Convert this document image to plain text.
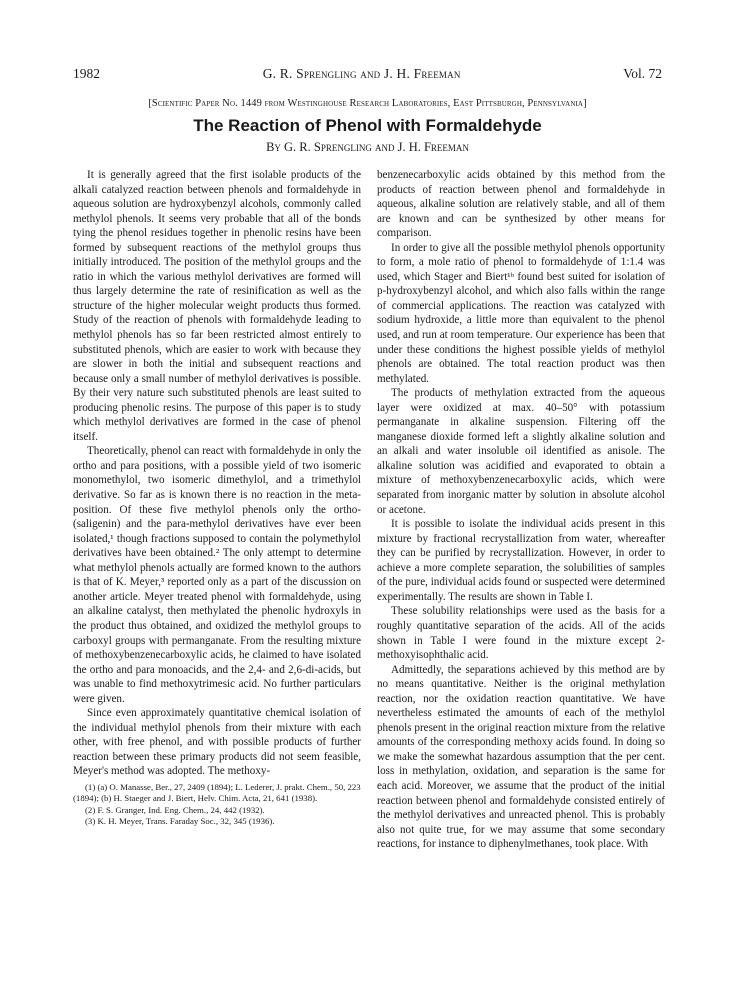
1982	G. R. Sprengling and J. H. Freeman	Vol. 72
[Scientific Paper No. 1449 from Westinghouse Research Laboratories, East Pittsburgh, Pennsylvania]
The Reaction of Phenol with Formaldehyde
By G. R. Sprengling and J. H. Freeman

It is generally agreed that the first isolable products of the alkali catalyzed reaction between phenols and formaldehyde in aqueous solution are hydroxybenzyl alcohols, commonly called methylol phenols. It seems very probable that all of the bonds tying the phenol residues together in phenolic resins have been formed by subsequent reactions of the methylol groups thus initially introduced. The position of the methylol groups and the ratio in which the various methylol derivatives are formed will thus largely determine the rate of resinification as well as the structure of the higher molecular weight products thus formed. Study of the reaction of phenols with formaldehyde leading to methylol phenols has so far been restricted almost entirely to substituted phenols, which are easier to work with because they are slower in both the initial and subsequent reactions and because only a small number of methylol derivatives is possible. By their very nature such substituted phenols are least suited to producing phenolic resins. The purpose of this paper is to study which methylol derivatives are formed in the case of phenol itself.

Theoretically, phenol can react with formaldehyde in only the ortho and para positions, with a possible yield of two isomeric monomethylol, two isomeric dimethylol, and a trimethylol derivative. So far as is known there is no reaction in the meta-position. Of these five methylol phenols only the ortho- (saligenin) and the para-methylol derivatives have ever been isolated,¹ though fractions supposed to contain the polymethylol derivatives have been obtained.² The only attempt to determine what methylol phenols actually are formed known to the authors is that of K. Meyer,³ reported only as a part of the discussion on another article. Meyer treated phenol with formaldehyde, using an alkaline catalyst, then methylated the phenolic hydroxyls in the product thus obtained, and oxidized the methylol groups to carboxyl groups with permanganate. From the resulting mixture of methoxybenzenecarboxylic acids, he claimed to have isolated the ortho and para monoacids, and the 2,4- and 2,6-di-acids, but was unable to find methoxytrimesic acid. No further particulars were given.

Since even approximately quantitative chemical isolation of the individual methylol phenols from their mixture with each other, with free phenol, and with possible products of further reaction between these primary products did not seem feasible, Meyer's method was adopted. The methoxy-

(1) (a) O. Manasse, Ber., 27, 2409 (1894); L. Lederer, J. prakt. Chem., 50, 223 (1894); (b) H. Staeger and J. Biert, Helv. Chim. Acta, 21, 641 (1938).

(2) F. S. Granger, Ind. Eng. Chem., 24, 442 (1932).

(3) K. H. Meyer, Trans. Faraday Soc., 32, 345 (1936).

benzenecarboxylic acids obtained by this method from the products of reaction between phenol and formaldehyde in aqueous, alkaline solution are relatively stable, and all of them are known and can be synthesized by other means for comparison.

In order to give all the possible methylol phenols opportunity to form, a mole ratio of phenol to formaldehyde of 1:1.4 was used, which Stager and Biert¹ᵇ found best suited for isolation of p-hydroxybenzyl alcohol, and which also falls within the range of commercial applications. The reaction was catalyzed with sodium hydroxide, a little more than equivalent to the phenol used, and run at room temperature. Our experience has been that under these conditions the highest possible yields of methylol phenols are obtained. The total reaction product was then methylated.

The products of methylation extracted from the aqueous layer were oxidized at max. 40–50° with potassium permanganate in alkaline suspension. Filtering off the manganese dioxide formed left a slightly alkaline solution and an alkali and water insoluble oil identified as anisole. The alkaline solution was acidified and evaporated to obtain a mixture of methoxybenzenecarboxylic acids, which were separated from inorganic matter by solution in absolute alcohol or acetone.

It is possible to isolate the individual acids present in this mixture by fractional recrystallization from water, whereafter they can be purified by recrystallization. However, in order to achieve a more complete separation, the solubilities of samples of the pure, individual acids found or suspected were determined experimentally. The results are shown in Table I.

These solubility relationships were used as the basis for a roughly quantitative separation of the acids. All of the acids shown in Table I were found in the mixture except 2-methoxyisophthalic acid.

Admittedly, the separations achieved by this method are by no means quantitative. Neither is the original methylation reaction, nor the oxidation reaction quantitative. We have nevertheless estimated the amounts of each of the methylol phenols present in the original reaction mixture from the relative amounts of the corresponding methoxy acids found. In doing so we make the somewhat hazardous assumption that the per cent. loss in methylation, oxidation, and separation is the same for each acid. Moreover, we assume that the product of the initial reaction between phenol and formaldehyde consisted entirely of the methylol derivatives and unreacted phenol. This is probably also not quite true, for we may assume that some secondary reactions, for instance to diphenylmethanes, took place. With
